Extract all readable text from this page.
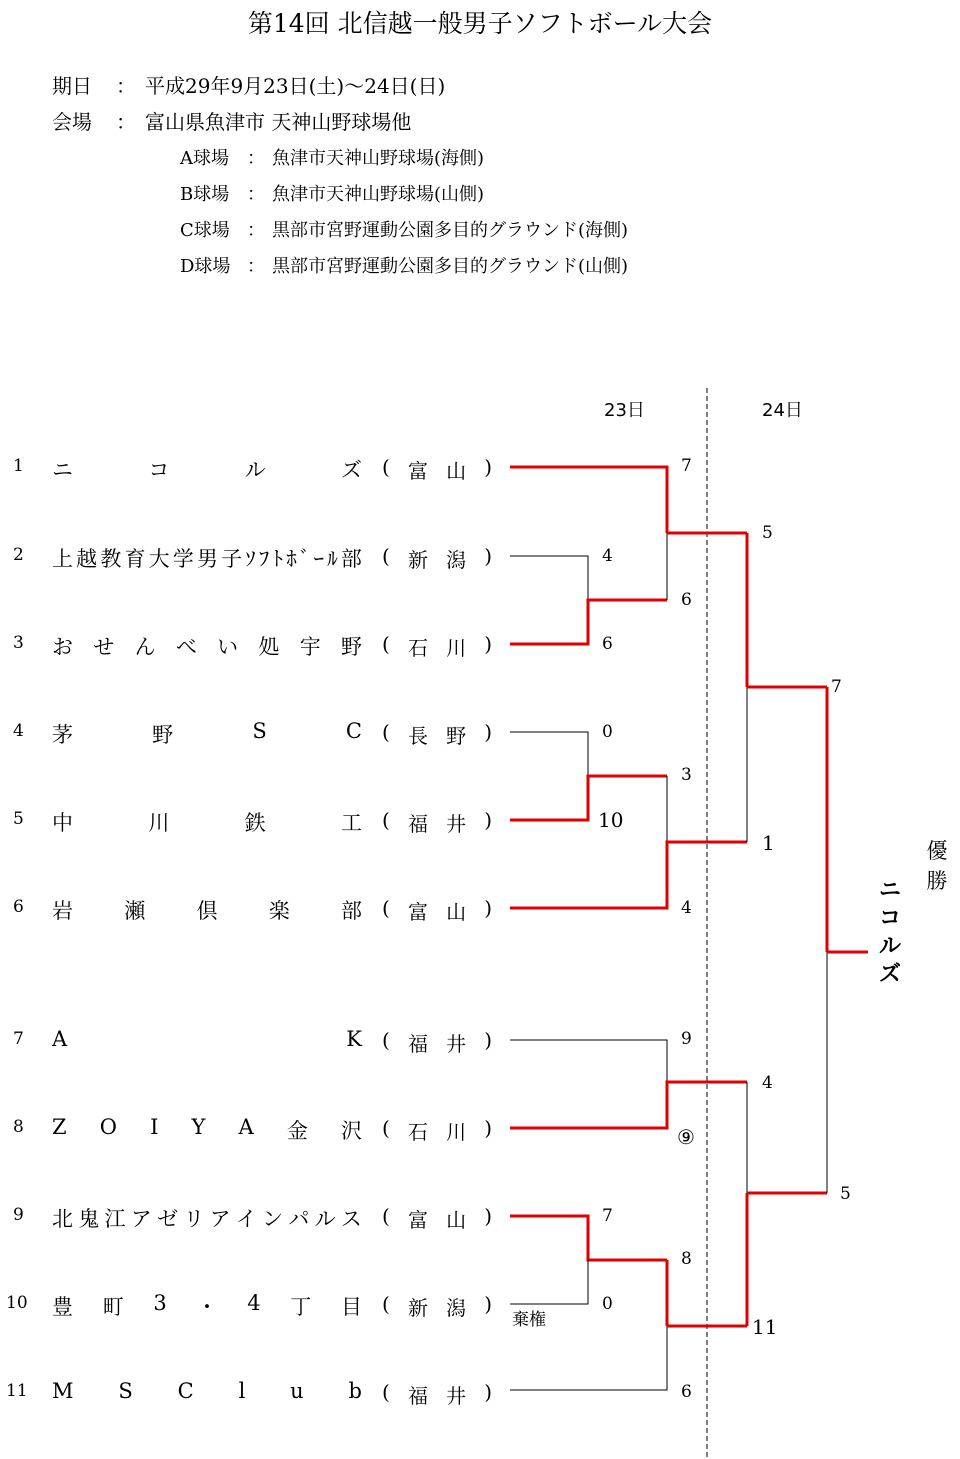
第14回 北信越一般男子ソフトボール大会
期日 ： 平成29年9月23日(土)～24日(日)
会場 ： 富山県魚津市 天神山野球場他
A球場 ： 魚津市天神山野球場(海側)
B球場 ： 魚津市天神山野球場(山側)
C球場 ： 黒部市宮野運動公園多目的グラウンド(海側)
D球場 ： 黒部市宮野運動公園多目的グラウンド(山側)
23日	24日
1 ニ	コ	ル	ズ ( 富 山 )
2 上 越 教 育 大 学 男 子 ｿ ﾌ ﾄ ﾎ ﾞ ｰ ﾙ 部 ( 新 潟 )
3 お せ ん べ い 処 宇 野 ( 石 川 )
4 茅	野	S	C ( 長 野 )
5 中	川	鉄	工 ( 福 井 )
6 岩 瀬 倶 楽 部 ( 富 山 )
7 A	K ( 福 井 )
8 Z O I Y A 金 沢 ( 石 川 )
9 北 鬼 江 ア ゼ リ ア イ ン パ ル ス ( 富 山 )
10 豊 町 3 ・ 4 丁 目 ( 新 潟 )
11 M S C l u b ( 福 井 )
4
6
0
10
7
0
7
6
3
4
9
⑨
8
6
5
1
4
11
7
5
棄権
ニ
コ
ル
ズ
優
勝
